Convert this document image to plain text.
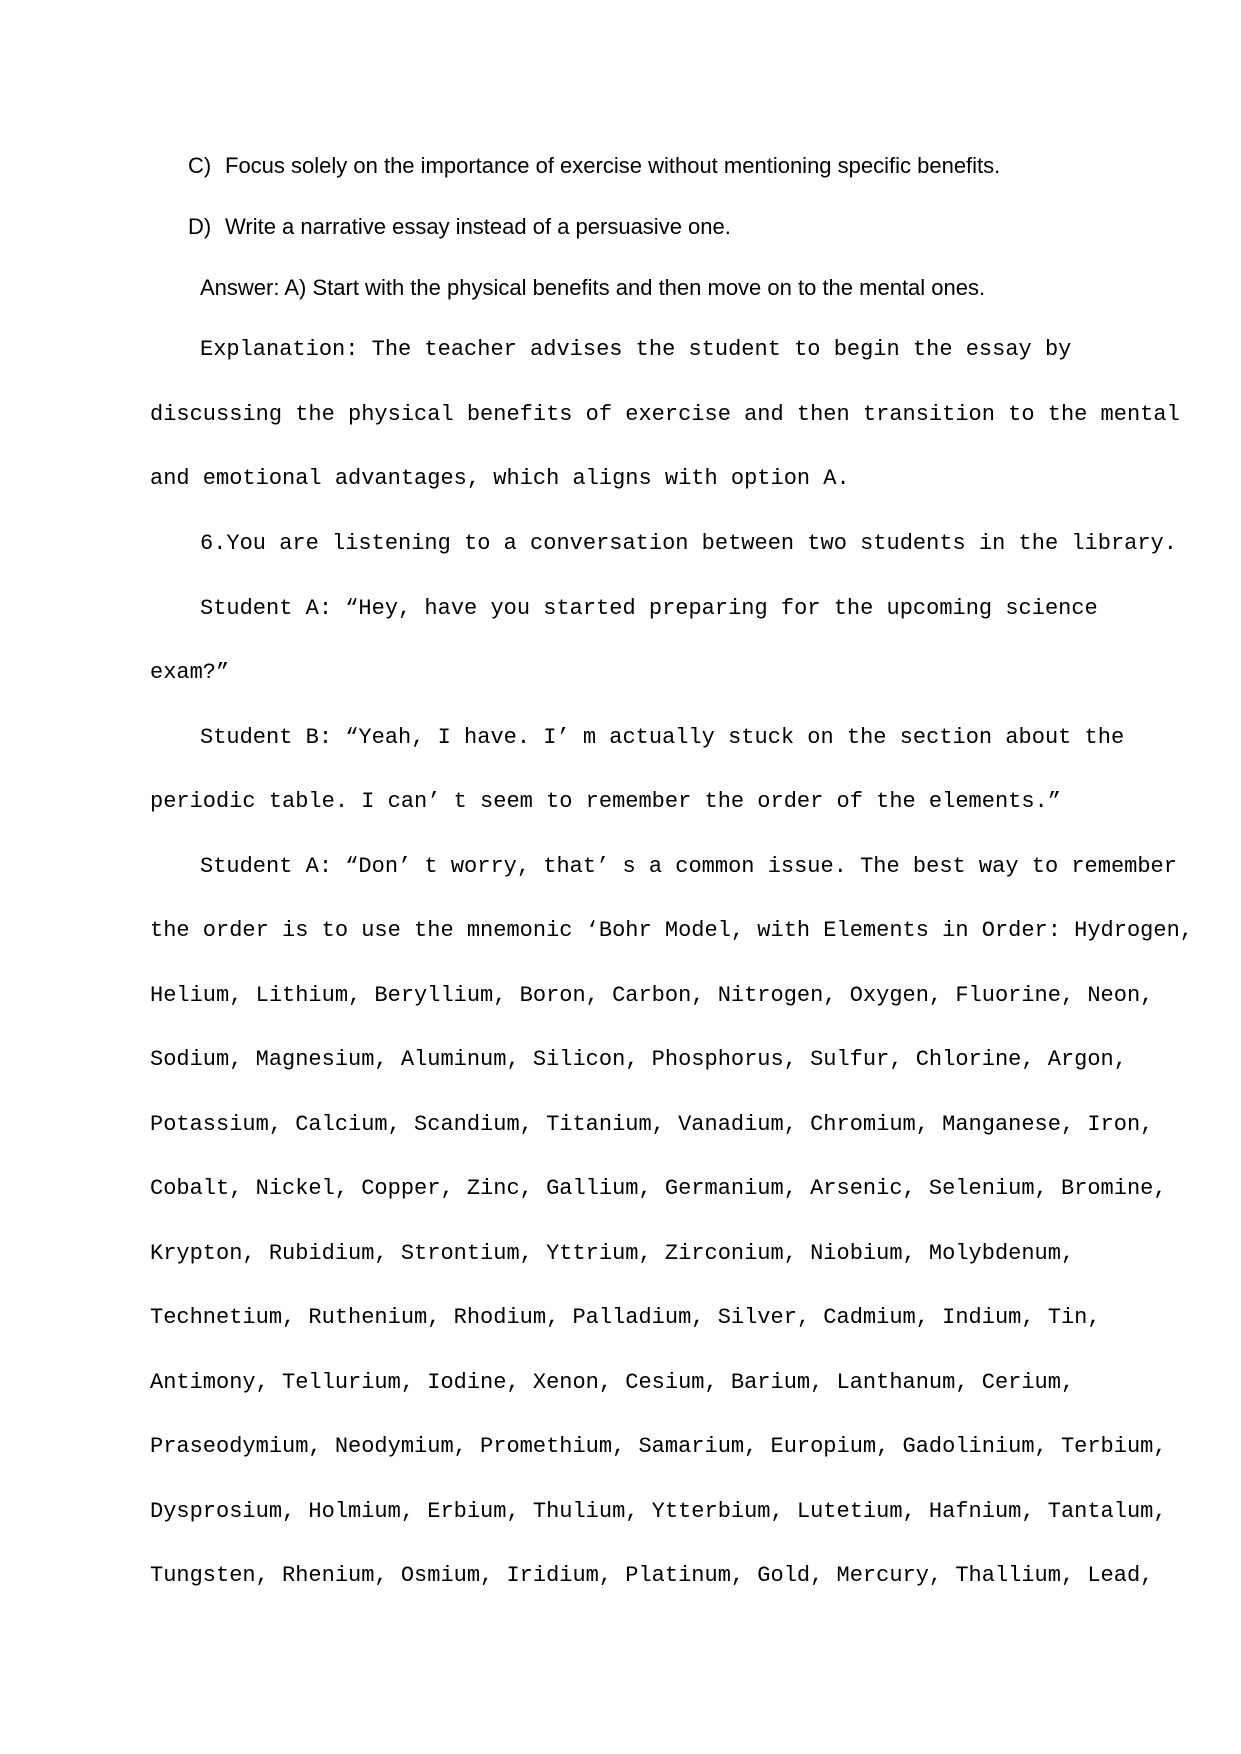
C) Focus solely on the importance of exercise without mentioning specific benefits.
D) Write a narrative essay instead of a persuasive one.
Answer: A) Start with the physical benefits and then move on to the mental ones.
Explanation: The teacher advises the student to begin the essay by
discussing the physical benefits of exercise and then transition to the mental
and emotional advantages, which aligns with option A.
6.You are listening to a conversation between two students in the library.
Student A: “Hey, have you started preparing for the upcoming science
exam?”
Student B: “Yeah, I have. I’ m actually stuck on the section about the
periodic table. I can’ t seem to remember the order of the elements.”
Student A: “Don’ t worry, that’ s a common issue. The best way to remember
the order is to use the mnemonic ‘Bohr Model, with Elements in Order: Hydrogen,
Helium, Lithium, Beryllium, Boron, Carbon, Nitrogen, Oxygen, Fluorine, Neon,
Sodium, Magnesium, Aluminum, Silicon, Phosphorus, Sulfur, Chlorine, Argon,
Potassium, Calcium, Scandium, Titanium, Vanadium, Chromium, Manganese, Iron,
Cobalt, Nickel, Copper, Zinc, Gallium, Germanium, Arsenic, Selenium, Bromine,
Krypton, Rubidium, Strontium, Yttrium, Zirconium, Niobium, Molybdenum,
Technetium, Ruthenium, Rhodium, Palladium, Silver, Cadmium, Indium, Tin,
Antimony, Tellurium, Iodine, Xenon, Cesium, Barium, Lanthanum, Cerium,
Praseodymium, Neodymium, Promethium, Samarium, Europium, Gadolinium, Terbium,
Dysprosium, Holmium, Erbium, Thulium, Ytterbium, Lutetium, Hafnium, Tantalum,
Tungsten, Rhenium, Osmium, Iridium, Platinum, Gold, Mercury, Thallium, Lead,
